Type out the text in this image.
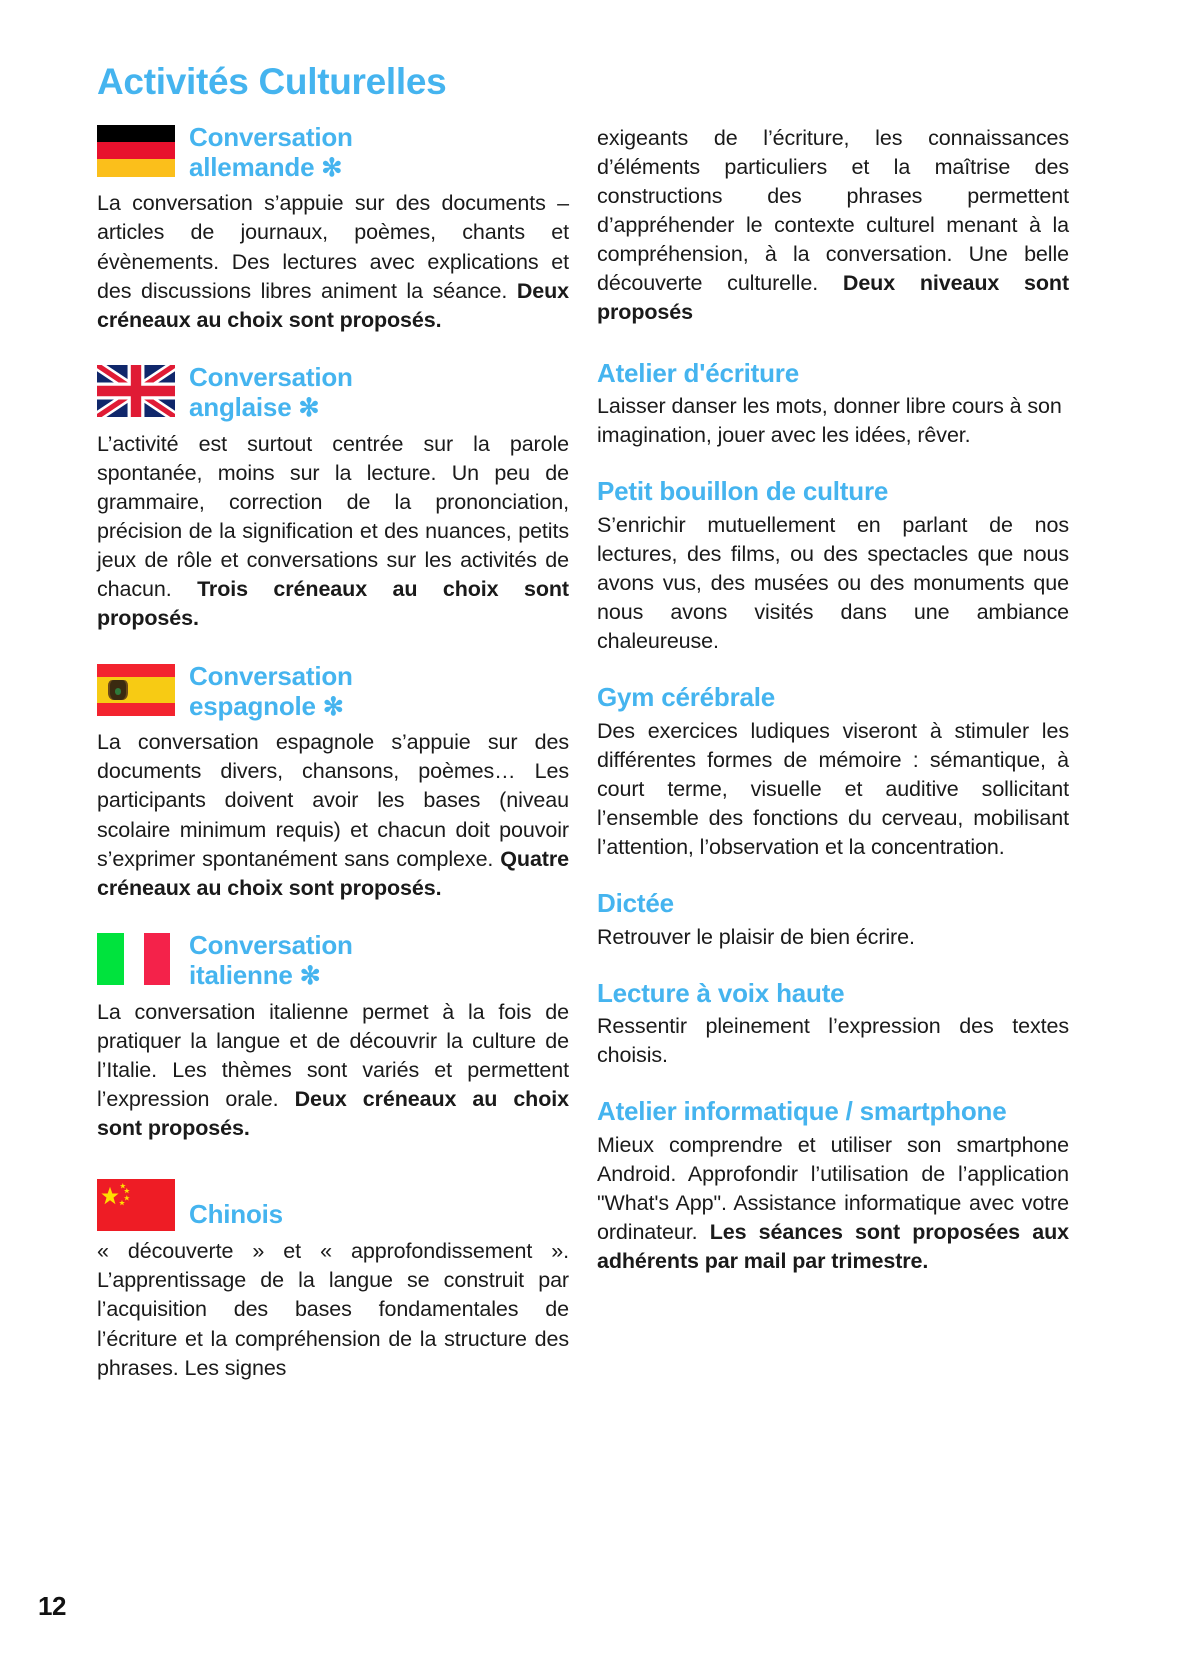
Activités Culturelles
Conversation
allemande ✻

La conversation s’appuie sur des documents – articles de journaux, poèmes, chants et évènements. Des lectures avec explications et des discussions libres animent la séance. Deux créneaux au choix sont proposés.

Conversation
anglaise ✻

L’activité est surtout centrée sur la parole spontanée, moins sur la lecture. Un peu de grammaire, correction de la prononciation, précision de la signification et des nuances, petits jeux de rôle et conversations sur les activités de chacun. Trois créneaux au choix sont proposés.

Conversation
espagnole ✻

La conversation espagnole s’appuie sur des documents divers, chansons, poèmes… Les participants doivent avoir les bases (niveau scolaire minimum requis) et chacun doit pouvoir s’exprimer spontanément sans complexe. Quatre créneaux au choix sont proposés.

Conversation
italienne ✻

La conversation italienne permet à la fois de pratiquer la langue et de découvrir la culture de l’Italie. Les thèmes sont variés et permettent l’expression orale. Deux créneaux au choix sont proposés.

Chinois

« découverte » et « approfondissement ». L’apprentissage de la langue se construit par l’acquisition des bases fondamentales de l’écriture et la compréhension de la structure des phrases. Les signes

exigeants de l’écriture, les connaissances d’éléments particuliers et la maîtrise des constructions des phrases permettent d’appréhender le contexte culturel menant à la compréhension, à la conversation. Une belle découverte culturelle. Deux niveaux sont proposés

Atelier d'écriture

Laisser danser les mots, donner libre cours à son imagination, jouer avec les idées, rêver.

Petit bouillon de culture

S’enrichir mutuellement en parlant de nos lectures, des films, ou des spectacles que nous avons vus, des musées ou des monuments que nous avons visités dans une ambiance chaleureuse.

Gym cérébrale

Des exercices ludiques viseront à stimuler les différentes formes de mémoire : sémantique, à court terme, visuelle et auditive sollicitant l’ensemble des fonctions du cerveau, mobilisant l’attention, l’observation et la concentration.

Dictée

Retrouver le plaisir de bien écrire.

Lecture à voix haute

Ressentir pleinement l’expression des textes choisis.

Atelier informatique / smartphone

Mieux comprendre et utiliser son smartphone Android. Approfondir l’utilisation de l’application "What's App". Assistance informatique avec votre ordinateur. Les séances sont proposées aux adhérents par mail par trimestre.

12
